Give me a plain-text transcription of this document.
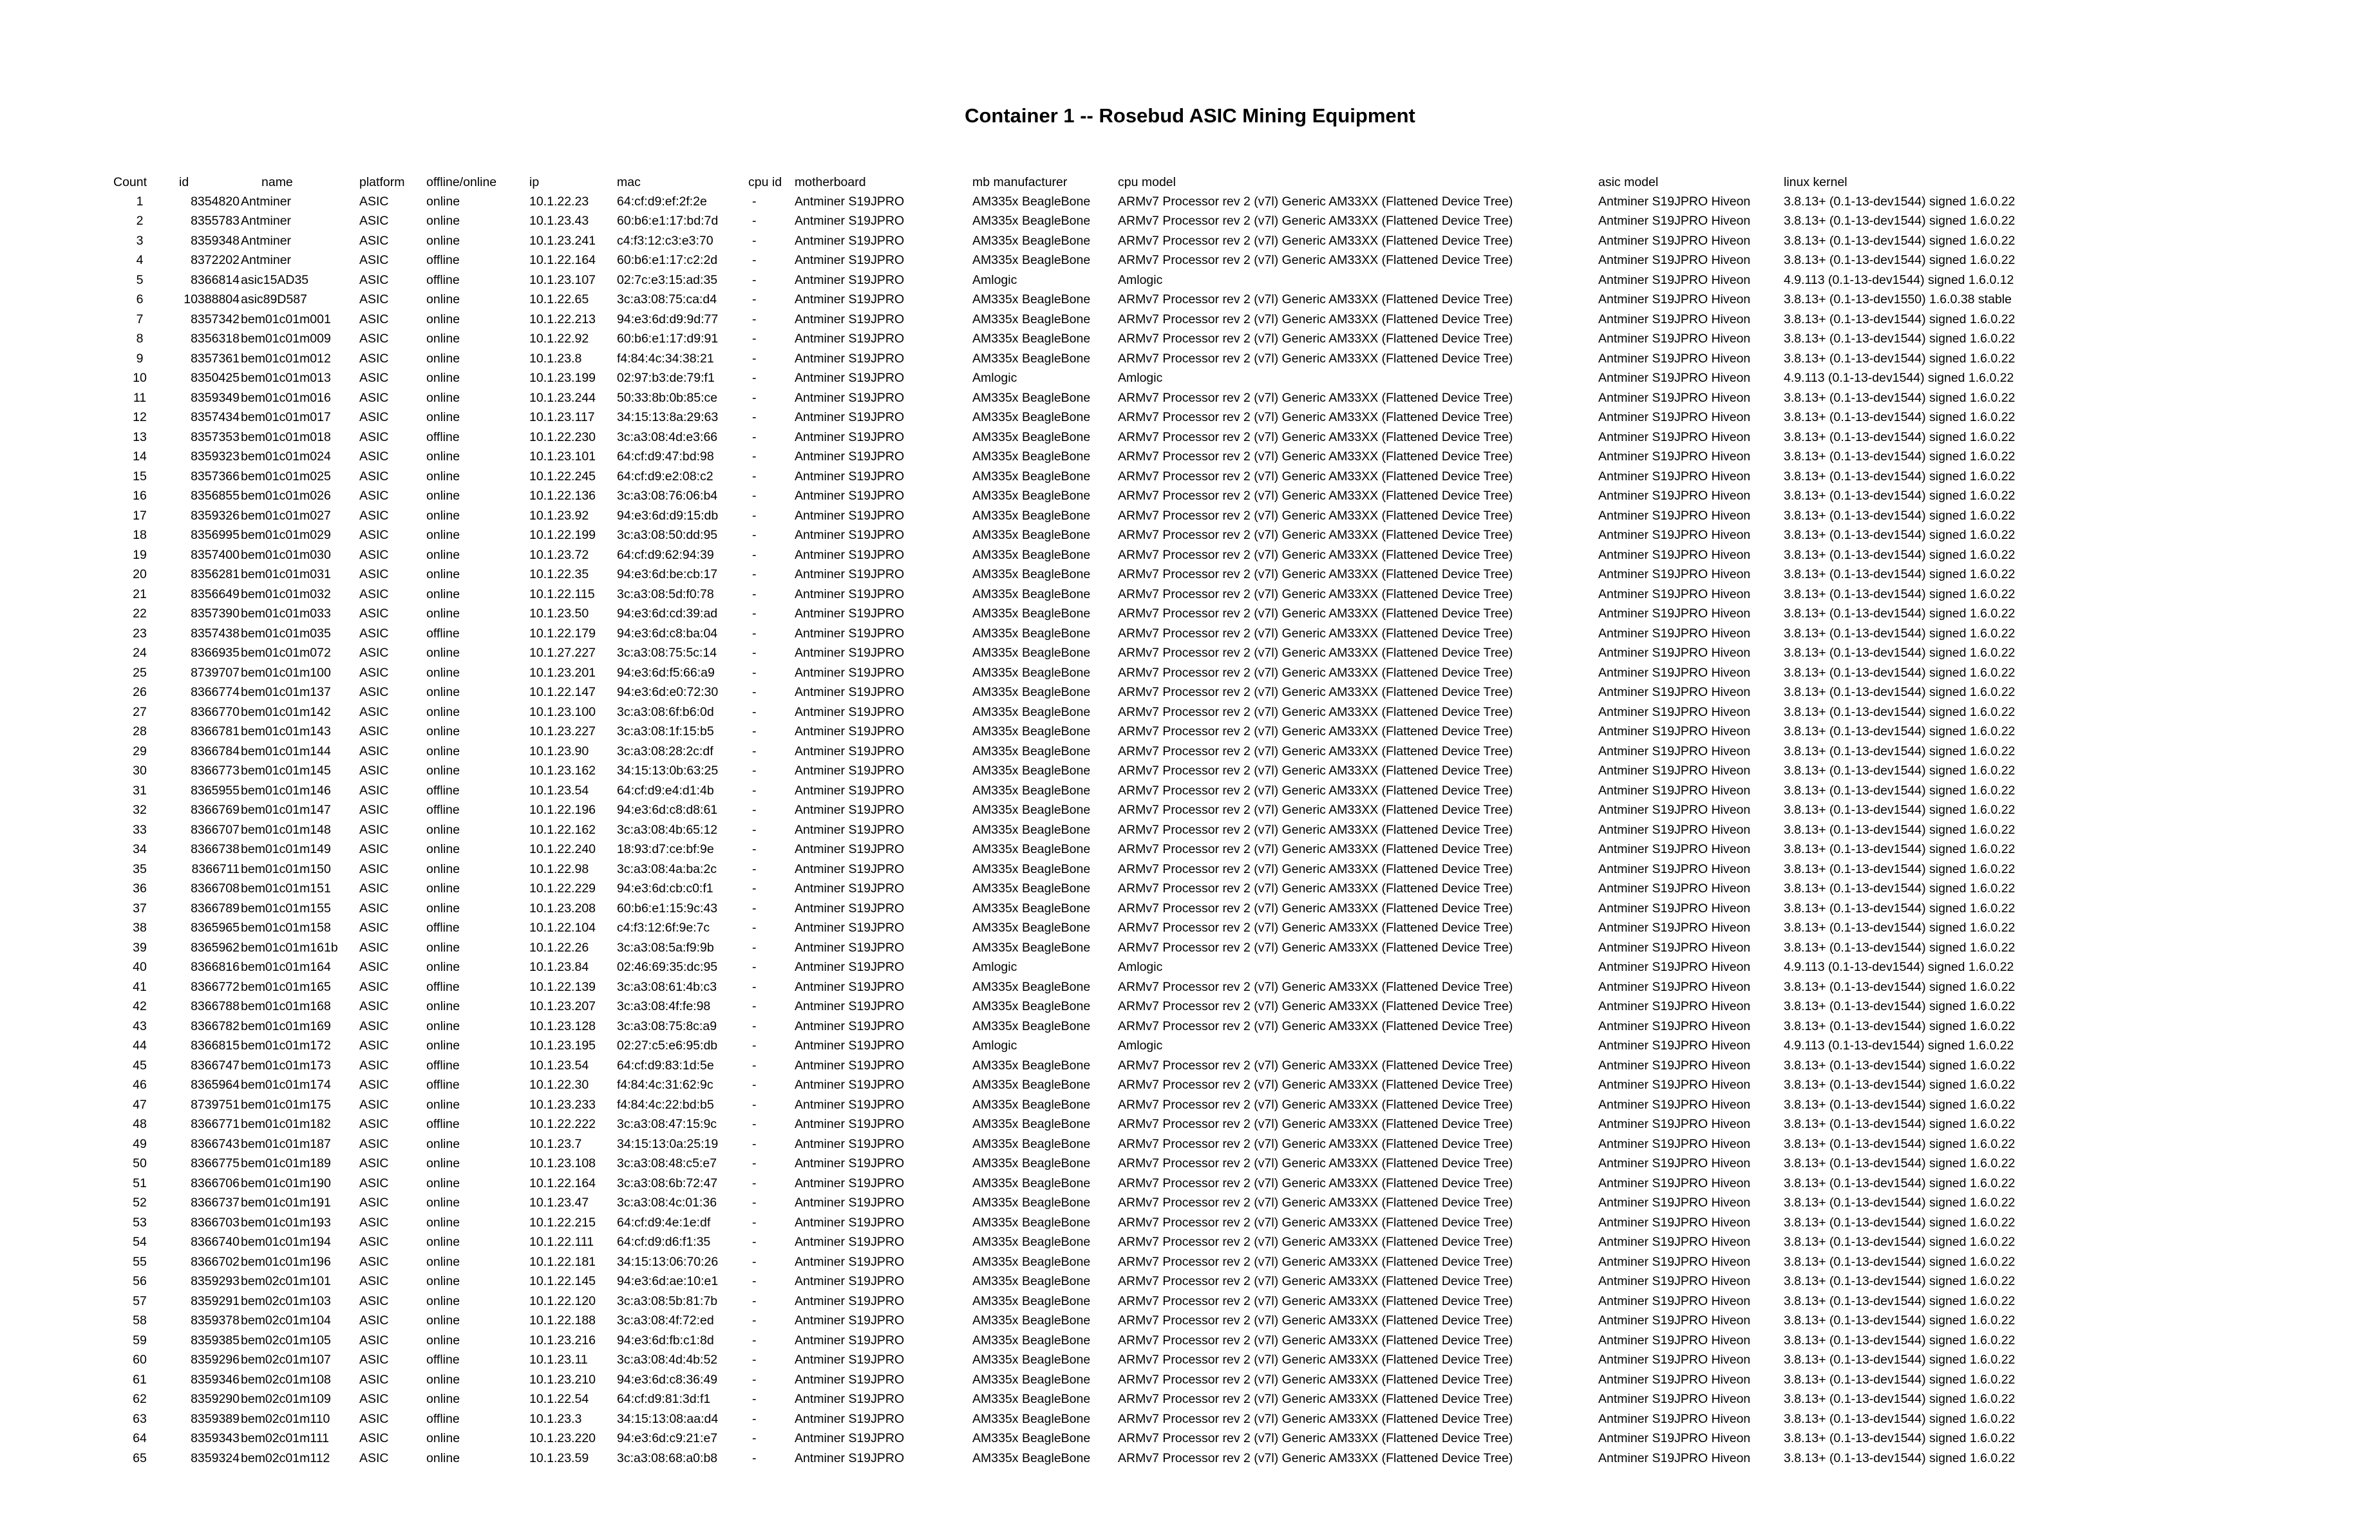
Container 1 -- Rosebud ASIC Mining Equipment
Count	id	name	platform	offline/online	ip	mac	cpu id	motherboard	mb manufacturer	cpu model	asic model	linux kernel
1	8354820	Antminer	ASIC	online	10.1.22.23	64:cf:d9:ef:2f:2e	-	Antminer S19JPRO	AM335x BeagleBone	ARMv7 Processor rev 2 (v7l) Generic AM33XX (Flattened Device Tree)	Antminer S19JPRO Hiveon	3.8.13+ (0.1-13-dev1544) signed 1.6.0.22
2	8355783	Antminer	ASIC	online	10.1.23.43	60:b6:e1:17:bd:7d	-	Antminer S19JPRO	AM335x BeagleBone	ARMv7 Processor rev 2 (v7l) Generic AM33XX (Flattened Device Tree)	Antminer S19JPRO Hiveon	3.8.13+ (0.1-13-dev1544) signed 1.6.0.22
3	8359348	Antminer	ASIC	online	10.1.23.241	c4:f3:12:c3:e3:70	-	Antminer S19JPRO	AM335x BeagleBone	ARMv7 Processor rev 2 (v7l) Generic AM33XX (Flattened Device Tree)	Antminer S19JPRO Hiveon	3.8.13+ (0.1-13-dev1544) signed 1.6.0.22
4	8372202	Antminer	ASIC	offline	10.1.22.164	60:b6:e1:17:c2:2d	-	Antminer S19JPRO	AM335x BeagleBone	ARMv7 Processor rev 2 (v7l) Generic AM33XX (Flattened Device Tree)	Antminer S19JPRO Hiveon	3.8.13+ (0.1-13-dev1544) signed 1.6.0.22
5	8366814	asic15AD35	ASIC	offline	10.1.23.107	02:7c:e3:15:ad:35	-	Antminer S19JPRO	Amlogic	Amlogic	Antminer S19JPRO Hiveon	4.9.113 (0.1-13-dev1544) signed 1.6.0.12
6	10388804	asic89D587	ASIC	online	10.1.22.65	3c:a3:08:75:ca:d4	-	Antminer S19JPRO	AM335x BeagleBone	ARMv7 Processor rev 2 (v7l) Generic AM33XX (Flattened Device Tree)	Antminer S19JPRO Hiveon	3.8.13+ (0.1-13-dev1550) 1.6.0.38 stable
7	8357342	bem01c01m001	ASIC	online	10.1.22.213	94:e3:6d:d9:9d:77	-	Antminer S19JPRO	AM335x BeagleBone	ARMv7 Processor rev 2 (v7l) Generic AM33XX (Flattened Device Tree)	Antminer S19JPRO Hiveon	3.8.13+ (0.1-13-dev1544) signed 1.6.0.22
8	8356318	bem01c01m009	ASIC	online	10.1.22.92	60:b6:e1:17:d9:91	-	Antminer S19JPRO	AM335x BeagleBone	ARMv7 Processor rev 2 (v7l) Generic AM33XX (Flattened Device Tree)	Antminer S19JPRO Hiveon	3.8.13+ (0.1-13-dev1544) signed 1.6.0.22
9	8357361	bem01c01m012	ASIC	online	10.1.23.8	f4:84:4c:34:38:21	-	Antminer S19JPRO	AM335x BeagleBone	ARMv7 Processor rev 2 (v7l) Generic AM33XX (Flattened Device Tree)	Antminer S19JPRO Hiveon	3.8.13+ (0.1-13-dev1544) signed 1.6.0.22
10	8350425	bem01c01m013	ASIC	online	10.1.23.199	02:97:b3:de:79:f1	-	Antminer S19JPRO	Amlogic	Amlogic	Antminer S19JPRO Hiveon	4.9.113 (0.1-13-dev1544) signed 1.6.0.22
11	8359349	bem01c01m016	ASIC	online	10.1.23.244	50:33:8b:0b:85:ce	-	Antminer S19JPRO	AM335x BeagleBone	ARMv7 Processor rev 2 (v7l) Generic AM33XX (Flattened Device Tree)	Antminer S19JPRO Hiveon	3.8.13+ (0.1-13-dev1544) signed 1.6.0.22
12	8357434	bem01c01m017	ASIC	online	10.1.23.117	34:15:13:8a:29:63	-	Antminer S19JPRO	AM335x BeagleBone	ARMv7 Processor rev 2 (v7l) Generic AM33XX (Flattened Device Tree)	Antminer S19JPRO Hiveon	3.8.13+ (0.1-13-dev1544) signed 1.6.0.22
13	8357353	bem01c01m018	ASIC	offline	10.1.22.230	3c:a3:08:4d:e3:66	-	Antminer S19JPRO	AM335x BeagleBone	ARMv7 Processor rev 2 (v7l) Generic AM33XX (Flattened Device Tree)	Antminer S19JPRO Hiveon	3.8.13+ (0.1-13-dev1544) signed 1.6.0.22
14	8359323	bem01c01m024	ASIC	online	10.1.23.101	64:cf:d9:47:bd:98	-	Antminer S19JPRO	AM335x BeagleBone	ARMv7 Processor rev 2 (v7l) Generic AM33XX (Flattened Device Tree)	Antminer S19JPRO Hiveon	3.8.13+ (0.1-13-dev1544) signed 1.6.0.22
15	8357366	bem01c01m025	ASIC	online	10.1.22.245	64:cf:d9:e2:08:c2	-	Antminer S19JPRO	AM335x BeagleBone	ARMv7 Processor rev 2 (v7l) Generic AM33XX (Flattened Device Tree)	Antminer S19JPRO Hiveon	3.8.13+ (0.1-13-dev1544) signed 1.6.0.22
16	8356855	bem01c01m026	ASIC	online	10.1.22.136	3c:a3:08:76:06:b4	-	Antminer S19JPRO	AM335x BeagleBone	ARMv7 Processor rev 2 (v7l) Generic AM33XX (Flattened Device Tree)	Antminer S19JPRO Hiveon	3.8.13+ (0.1-13-dev1544) signed 1.6.0.22
17	8359326	bem01c01m027	ASIC	online	10.1.23.92	94:e3:6d:d9:15:db	-	Antminer S19JPRO	AM335x BeagleBone	ARMv7 Processor rev 2 (v7l) Generic AM33XX (Flattened Device Tree)	Antminer S19JPRO Hiveon	3.8.13+ (0.1-13-dev1544) signed 1.6.0.22
18	8356995	bem01c01m029	ASIC	online	10.1.22.199	3c:a3:08:50:dd:95	-	Antminer S19JPRO	AM335x BeagleBone	ARMv7 Processor rev 2 (v7l) Generic AM33XX (Flattened Device Tree)	Antminer S19JPRO Hiveon	3.8.13+ (0.1-13-dev1544) signed 1.6.0.22
19	8357400	bem01c01m030	ASIC	online	10.1.23.72	64:cf:d9:62:94:39	-	Antminer S19JPRO	AM335x BeagleBone	ARMv7 Processor rev 2 (v7l) Generic AM33XX (Flattened Device Tree)	Antminer S19JPRO Hiveon	3.8.13+ (0.1-13-dev1544) signed 1.6.0.22
20	8356281	bem01c01m031	ASIC	online	10.1.22.35	94:e3:6d:be:cb:17	-	Antminer S19JPRO	AM335x BeagleBone	ARMv7 Processor rev 2 (v7l) Generic AM33XX (Flattened Device Tree)	Antminer S19JPRO Hiveon	3.8.13+ (0.1-13-dev1544) signed 1.6.0.22
21	8356649	bem01c01m032	ASIC	online	10.1.22.115	3c:a3:08:5d:f0:78	-	Antminer S19JPRO	AM335x BeagleBone	ARMv7 Processor rev 2 (v7l) Generic AM33XX (Flattened Device Tree)	Antminer S19JPRO Hiveon	3.8.13+ (0.1-13-dev1544) signed 1.6.0.22
22	8357390	bem01c01m033	ASIC	online	10.1.23.50	94:e3:6d:cd:39:ad	-	Antminer S19JPRO	AM335x BeagleBone	ARMv7 Processor rev 2 (v7l) Generic AM33XX (Flattened Device Tree)	Antminer S19JPRO Hiveon	3.8.13+ (0.1-13-dev1544) signed 1.6.0.22
23	8357438	bem01c01m035	ASIC	offline	10.1.22.179	94:e3:6d:c8:ba:04	-	Antminer S19JPRO	AM335x BeagleBone	ARMv7 Processor rev 2 (v7l) Generic AM33XX (Flattened Device Tree)	Antminer S19JPRO Hiveon	3.8.13+ (0.1-13-dev1544) signed 1.6.0.22
24	8366935	bem01c01m072	ASIC	online	10.1.27.227	3c:a3:08:75:5c:14	-	Antminer S19JPRO	AM335x BeagleBone	ARMv7 Processor rev 2 (v7l) Generic AM33XX (Flattened Device Tree)	Antminer S19JPRO Hiveon	3.8.13+ (0.1-13-dev1544) signed 1.6.0.22
25	8739707	bem01c01m100	ASIC	online	10.1.23.201	94:e3:6d:f5:66:a9	-	Antminer S19JPRO	AM335x BeagleBone	ARMv7 Processor rev 2 (v7l) Generic AM33XX (Flattened Device Tree)	Antminer S19JPRO Hiveon	3.8.13+ (0.1-13-dev1544) signed 1.6.0.22
26	8366774	bem01c01m137	ASIC	online	10.1.22.147	94:e3:6d:e0:72:30	-	Antminer S19JPRO	AM335x BeagleBone	ARMv7 Processor rev 2 (v7l) Generic AM33XX (Flattened Device Tree)	Antminer S19JPRO Hiveon	3.8.13+ (0.1-13-dev1544) signed 1.6.0.22
27	8366770	bem01c01m142	ASIC	online	10.1.23.100	3c:a3:08:6f:b6:0d	-	Antminer S19JPRO	AM335x BeagleBone	ARMv7 Processor rev 2 (v7l) Generic AM33XX (Flattened Device Tree)	Antminer S19JPRO Hiveon	3.8.13+ (0.1-13-dev1544) signed 1.6.0.22
28	8366781	bem01c01m143	ASIC	online	10.1.23.227	3c:a3:08:1f:15:b5	-	Antminer S19JPRO	AM335x BeagleBone	ARMv7 Processor rev 2 (v7l) Generic AM33XX (Flattened Device Tree)	Antminer S19JPRO Hiveon	3.8.13+ (0.1-13-dev1544) signed 1.6.0.22
29	8366784	bem01c01m144	ASIC	online	10.1.23.90	3c:a3:08:28:2c:df	-	Antminer S19JPRO	AM335x BeagleBone	ARMv7 Processor rev 2 (v7l) Generic AM33XX (Flattened Device Tree)	Antminer S19JPRO Hiveon	3.8.13+ (0.1-13-dev1544) signed 1.6.0.22
30	8366773	bem01c01m145	ASIC	online	10.1.23.162	34:15:13:0b:63:25	-	Antminer S19JPRO	AM335x BeagleBone	ARMv7 Processor rev 2 (v7l) Generic AM33XX (Flattened Device Tree)	Antminer S19JPRO Hiveon	3.8.13+ (0.1-13-dev1544) signed 1.6.0.22
31	8365955	bem01c01m146	ASIC	offline	10.1.23.54	64:cf:d9:e4:d1:4b	-	Antminer S19JPRO	AM335x BeagleBone	ARMv7 Processor rev 2 (v7l) Generic AM33XX (Flattened Device Tree)	Antminer S19JPRO Hiveon	3.8.13+ (0.1-13-dev1544) signed 1.6.0.22
32	8366769	bem01c01m147	ASIC	offline	10.1.22.196	94:e3:6d:c8:d8:61	-	Antminer S19JPRO	AM335x BeagleBone	ARMv7 Processor rev 2 (v7l) Generic AM33XX (Flattened Device Tree)	Antminer S19JPRO Hiveon	3.8.13+ (0.1-13-dev1544) signed 1.6.0.22
33	8366707	bem01c01m148	ASIC	online	10.1.22.162	3c:a3:08:4b:65:12	-	Antminer S19JPRO	AM335x BeagleBone	ARMv7 Processor rev 2 (v7l) Generic AM33XX (Flattened Device Tree)	Antminer S19JPRO Hiveon	3.8.13+ (0.1-13-dev1544) signed 1.6.0.22
34	8366738	bem01c01m149	ASIC	online	10.1.22.240	18:93:d7:ce:bf:9e	-	Antminer S19JPRO	AM335x BeagleBone	ARMv7 Processor rev 2 (v7l) Generic AM33XX (Flattened Device Tree)	Antminer S19JPRO Hiveon	3.8.13+ (0.1-13-dev1544) signed 1.6.0.22
35	8366711	bem01c01m150	ASIC	online	10.1.22.98	3c:a3:08:4a:ba:2c	-	Antminer S19JPRO	AM335x BeagleBone	ARMv7 Processor rev 2 (v7l) Generic AM33XX (Flattened Device Tree)	Antminer S19JPRO Hiveon	3.8.13+ (0.1-13-dev1544) signed 1.6.0.22
36	8366708	bem01c01m151	ASIC	online	10.1.22.229	94:e3:6d:cb:c0:f1	-	Antminer S19JPRO	AM335x BeagleBone	ARMv7 Processor rev 2 (v7l) Generic AM33XX (Flattened Device Tree)	Antminer S19JPRO Hiveon	3.8.13+ (0.1-13-dev1544) signed 1.6.0.22
37	8366789	bem01c01m155	ASIC	online	10.1.23.208	60:b6:e1:15:9c:43	-	Antminer S19JPRO	AM335x BeagleBone	ARMv7 Processor rev 2 (v7l) Generic AM33XX (Flattened Device Tree)	Antminer S19JPRO Hiveon	3.8.13+ (0.1-13-dev1544) signed 1.6.0.22
38	8365965	bem01c01m158	ASIC	offline	10.1.22.104	c4:f3:12:6f:9e:7c	-	Antminer S19JPRO	AM335x BeagleBone	ARMv7 Processor rev 2 (v7l) Generic AM33XX (Flattened Device Tree)	Antminer S19JPRO Hiveon	3.8.13+ (0.1-13-dev1544) signed 1.6.0.22
39	8365962	bem01c01m161b	ASIC	online	10.1.22.26	3c:a3:08:5a:f9:9b	-	Antminer S19JPRO	AM335x BeagleBone	ARMv7 Processor rev 2 (v7l) Generic AM33XX (Flattened Device Tree)	Antminer S19JPRO Hiveon	3.8.13+ (0.1-13-dev1544) signed 1.6.0.22
40	8366816	bem01c01m164	ASIC	online	10.1.23.84	02:46:69:35:dc:95	-	Antminer S19JPRO	Amlogic	Amlogic	Antminer S19JPRO Hiveon	4.9.113 (0.1-13-dev1544) signed 1.6.0.22
41	8366772	bem01c01m165	ASIC	offline	10.1.22.139	3c:a3:08:61:4b:c3	-	Antminer S19JPRO	AM335x BeagleBone	ARMv7 Processor rev 2 (v7l) Generic AM33XX (Flattened Device Tree)	Antminer S19JPRO Hiveon	3.8.13+ (0.1-13-dev1544) signed 1.6.0.22
42	8366788	bem01c01m168	ASIC	online	10.1.23.207	3c:a3:08:4f:fe:98	-	Antminer S19JPRO	AM335x BeagleBone	ARMv7 Processor rev 2 (v7l) Generic AM33XX (Flattened Device Tree)	Antminer S19JPRO Hiveon	3.8.13+ (0.1-13-dev1544) signed 1.6.0.22
43	8366782	bem01c01m169	ASIC	online	10.1.23.128	3c:a3:08:75:8c:a9	-	Antminer S19JPRO	AM335x BeagleBone	ARMv7 Processor rev 2 (v7l) Generic AM33XX (Flattened Device Tree)	Antminer S19JPRO Hiveon	3.8.13+ (0.1-13-dev1544) signed 1.6.0.22
44	8366815	bem01c01m172	ASIC	online	10.1.23.195	02:27:c5:e6:95:db	-	Antminer S19JPRO	Amlogic	Amlogic	Antminer S19JPRO Hiveon	4.9.113 (0.1-13-dev1544) signed 1.6.0.22
45	8366747	bem01c01m173	ASIC	offline	10.1.23.54	64:cf:d9:83:1d:5e	-	Antminer S19JPRO	AM335x BeagleBone	ARMv7 Processor rev 2 (v7l) Generic AM33XX (Flattened Device Tree)	Antminer S19JPRO Hiveon	3.8.13+ (0.1-13-dev1544) signed 1.6.0.22
46	8365964	bem01c01m174	ASIC	offline	10.1.22.30	f4:84:4c:31:62:9c	-	Antminer S19JPRO	AM335x BeagleBone	ARMv7 Processor rev 2 (v7l) Generic AM33XX (Flattened Device Tree)	Antminer S19JPRO Hiveon	3.8.13+ (0.1-13-dev1544) signed 1.6.0.22
47	8739751	bem01c01m175	ASIC	online	10.1.23.233	f4:84:4c:22:bd:b5	-	Antminer S19JPRO	AM335x BeagleBone	ARMv7 Processor rev 2 (v7l) Generic AM33XX (Flattened Device Tree)	Antminer S19JPRO Hiveon	3.8.13+ (0.1-13-dev1544) signed 1.6.0.22
48	8366771	bem01c01m182	ASIC	offline	10.1.22.222	3c:a3:08:47:15:9c	-	Antminer S19JPRO	AM335x BeagleBone	ARMv7 Processor rev 2 (v7l) Generic AM33XX (Flattened Device Tree)	Antminer S19JPRO Hiveon	3.8.13+ (0.1-13-dev1544) signed 1.6.0.22
49	8366743	bem01c01m187	ASIC	online	10.1.23.7	34:15:13:0a:25:19	-	Antminer S19JPRO	AM335x BeagleBone	ARMv7 Processor rev 2 (v7l) Generic AM33XX (Flattened Device Tree)	Antminer S19JPRO Hiveon	3.8.13+ (0.1-13-dev1544) signed 1.6.0.22
50	8366775	bem01c01m189	ASIC	online	10.1.23.108	3c:a3:08:48:c5:e7	-	Antminer S19JPRO	AM335x BeagleBone	ARMv7 Processor rev 2 (v7l) Generic AM33XX (Flattened Device Tree)	Antminer S19JPRO Hiveon	3.8.13+ (0.1-13-dev1544) signed 1.6.0.22
51	8366706	bem01c01m190	ASIC	online	10.1.22.164	3c:a3:08:6b:72:47	-	Antminer S19JPRO	AM335x BeagleBone	ARMv7 Processor rev 2 (v7l) Generic AM33XX (Flattened Device Tree)	Antminer S19JPRO Hiveon	3.8.13+ (0.1-13-dev1544) signed 1.6.0.22
52	8366737	bem01c01m191	ASIC	online	10.1.23.47	3c:a3:08:4c:01:36	-	Antminer S19JPRO	AM335x BeagleBone	ARMv7 Processor rev 2 (v7l) Generic AM33XX (Flattened Device Tree)	Antminer S19JPRO Hiveon	3.8.13+ (0.1-13-dev1544) signed 1.6.0.22
53	8366703	bem01c01m193	ASIC	online	10.1.22.215	64:cf:d9:4e:1e:df	-	Antminer S19JPRO	AM335x BeagleBone	ARMv7 Processor rev 2 (v7l) Generic AM33XX (Flattened Device Tree)	Antminer S19JPRO Hiveon	3.8.13+ (0.1-13-dev1544) signed 1.6.0.22
54	8366740	bem01c01m194	ASIC	online	10.1.22.111	64:cf:d9:d6:f1:35	-	Antminer S19JPRO	AM335x BeagleBone	ARMv7 Processor rev 2 (v7l) Generic AM33XX (Flattened Device Tree)	Antminer S19JPRO Hiveon	3.8.13+ (0.1-13-dev1544) signed 1.6.0.22
55	8366702	bem01c01m196	ASIC	online	10.1.22.181	34:15:13:06:70:26	-	Antminer S19JPRO	AM335x BeagleBone	ARMv7 Processor rev 2 (v7l) Generic AM33XX (Flattened Device Tree)	Antminer S19JPRO Hiveon	3.8.13+ (0.1-13-dev1544) signed 1.6.0.22
56	8359293	bem02c01m101	ASIC	online	10.1.22.145	94:e3:6d:ae:10:e1	-	Antminer S19JPRO	AM335x BeagleBone	ARMv7 Processor rev 2 (v7l) Generic AM33XX (Flattened Device Tree)	Antminer S19JPRO Hiveon	3.8.13+ (0.1-13-dev1544) signed 1.6.0.22
57	8359291	bem02c01m103	ASIC	online	10.1.22.120	3c:a3:08:5b:81:7b	-	Antminer S19JPRO	AM335x BeagleBone	ARMv7 Processor rev 2 (v7l) Generic AM33XX (Flattened Device Tree)	Antminer S19JPRO Hiveon	3.8.13+ (0.1-13-dev1544) signed 1.6.0.22
58	8359378	bem02c01m104	ASIC	online	10.1.22.188	3c:a3:08:4f:72:ed	-	Antminer S19JPRO	AM335x BeagleBone	ARMv7 Processor rev 2 (v7l) Generic AM33XX (Flattened Device Tree)	Antminer S19JPRO Hiveon	3.8.13+ (0.1-13-dev1544) signed 1.6.0.22
59	8359385	bem02c01m105	ASIC	online	10.1.23.216	94:e3:6d:fb:c1:8d	-	Antminer S19JPRO	AM335x BeagleBone	ARMv7 Processor rev 2 (v7l) Generic AM33XX (Flattened Device Tree)	Antminer S19JPRO Hiveon	3.8.13+ (0.1-13-dev1544) signed 1.6.0.22
60	8359296	bem02c01m107	ASIC	offline	10.1.23.11	3c:a3:08:4d:4b:52	-	Antminer S19JPRO	AM335x BeagleBone	ARMv7 Processor rev 2 (v7l) Generic AM33XX (Flattened Device Tree)	Antminer S19JPRO Hiveon	3.8.13+ (0.1-13-dev1544) signed 1.6.0.22
61	8359346	bem02c01m108	ASIC	online	10.1.23.210	94:e3:6d:c8:36:49	-	Antminer S19JPRO	AM335x BeagleBone	ARMv7 Processor rev 2 (v7l) Generic AM33XX (Flattened Device Tree)	Antminer S19JPRO Hiveon	3.8.13+ (0.1-13-dev1544) signed 1.6.0.22
62	8359290	bem02c01m109	ASIC	online	10.1.22.54	64:cf:d9:81:3d:f1	-	Antminer S19JPRO	AM335x BeagleBone	ARMv7 Processor rev 2 (v7l) Generic AM33XX (Flattened Device Tree)	Antminer S19JPRO Hiveon	3.8.13+ (0.1-13-dev1544) signed 1.6.0.22
63	8359389	bem02c01m110	ASIC	offline	10.1.23.3	34:15:13:08:aa:d4	-	Antminer S19JPRO	AM335x BeagleBone	ARMv7 Processor rev 2 (v7l) Generic AM33XX (Flattened Device Tree)	Antminer S19JPRO Hiveon	3.8.13+ (0.1-13-dev1544) signed 1.6.0.22
64	8359343	bem02c01m111	ASIC	online	10.1.23.220	94:e3:6d:c9:21:e7	-	Antminer S19JPRO	AM335x BeagleBone	ARMv7 Processor rev 2 (v7l) Generic AM33XX (Flattened Device Tree)	Antminer S19JPRO Hiveon	3.8.13+ (0.1-13-dev1544) signed 1.6.0.22
65	8359324	bem02c01m112	ASIC	online	10.1.23.59	3c:a3:08:68:a0:b8	-	Antminer S19JPRO	AM335x BeagleBone	ARMv7 Processor rev 2 (v7l) Generic AM33XX (Flattened Device Tree)	Antminer S19JPRO Hiveon	3.8.13+ (0.1-13-dev1544) signed 1.6.0.22
